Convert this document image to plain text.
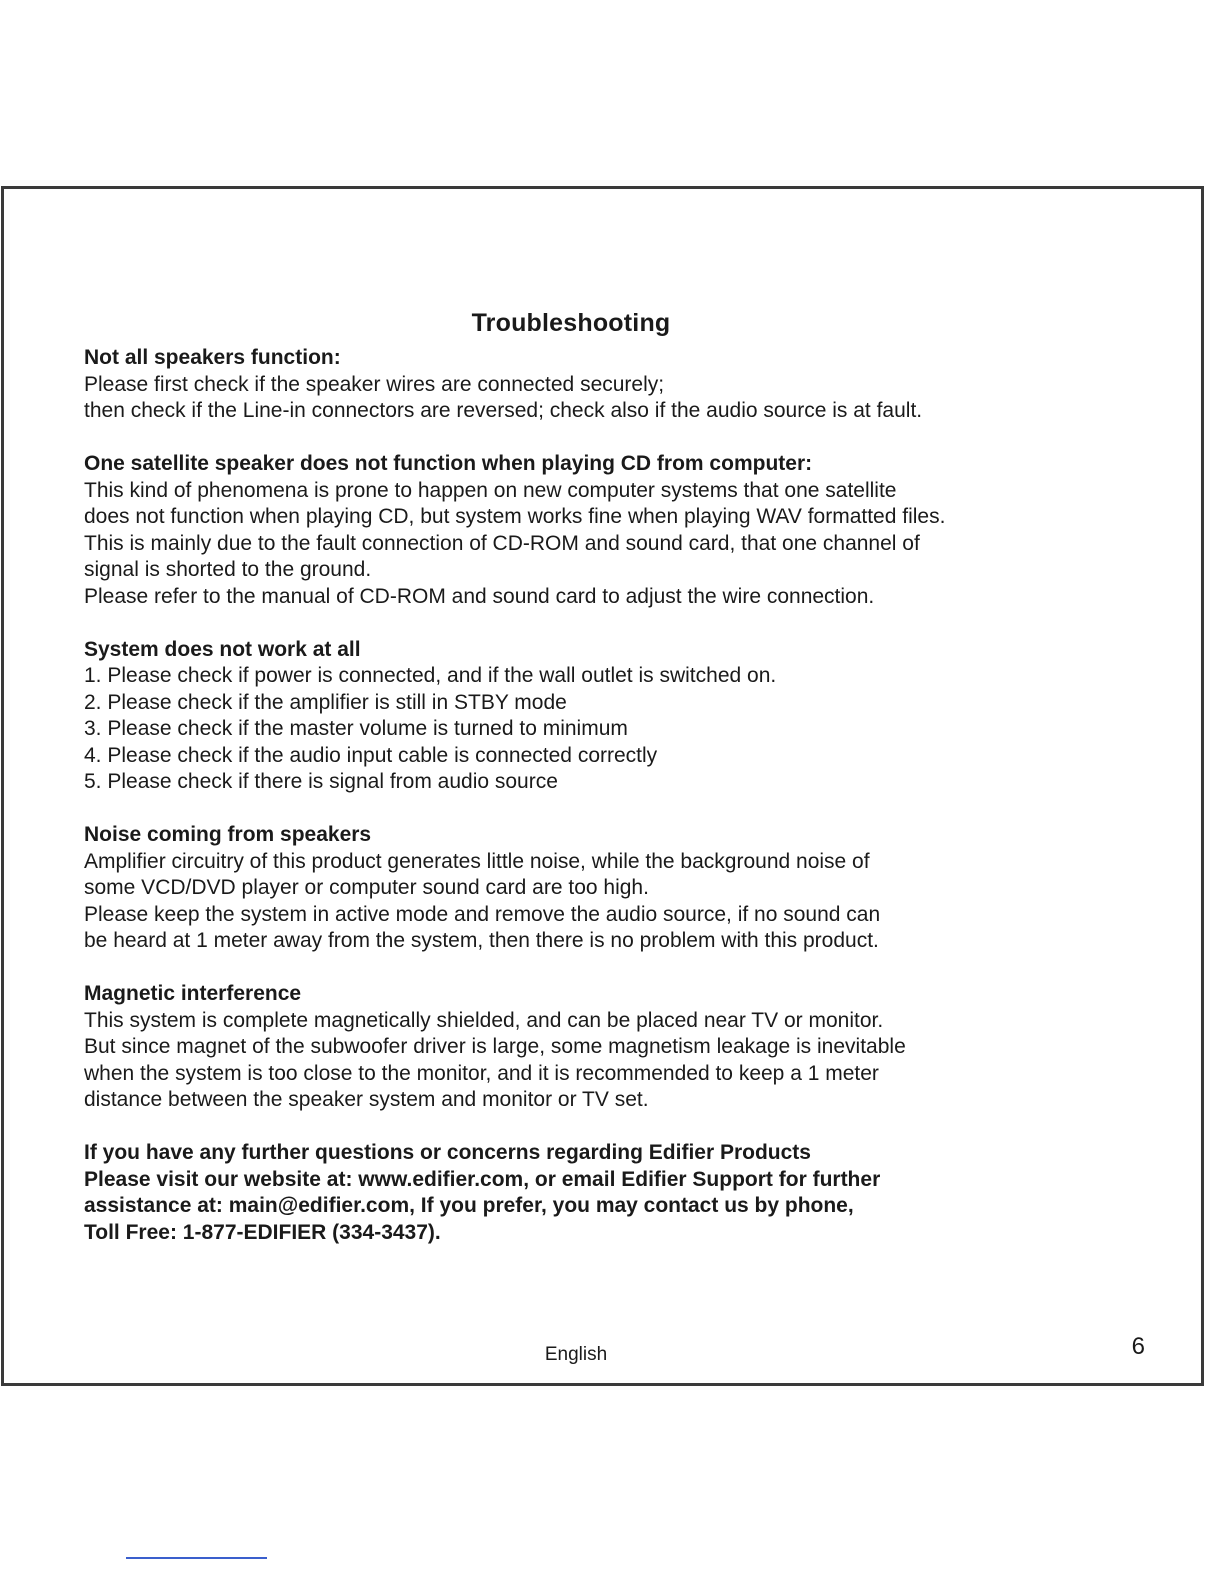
Troubleshooting
Not all speakers function:

Please first check if the speaker wires are connected securely;

then check if the Line-in connectors are reversed; check also if the audio source is at fault.

One satellite speaker does not function when playing CD from computer:

This kind of phenomena is prone to happen on new computer systems that one satellite

does not function when playing CD, but system works fine when playing WAV formatted files.

This is mainly due to the fault connection of CD-ROM and sound card, that one channel of

signal is shorted to the ground.

Please refer to the manual of CD-ROM and sound card to adjust the wire connection.

System does not work at all

1. Please check if power is connected, and if the wall outlet is switched on.

2. Please check if the amplifier is still in STBY mode

3. Please check if the master volume is turned to minimum

4. Please check if the audio input cable is connected correctly

5. Please check if there is signal from audio source

Noise coming from speakers

Amplifier circuitry of this product generates little noise, while the background noise of

some VCD/DVD player or computer sound card are too high.

Please keep the system in active mode and remove the audio source, if no sound can

be heard at 1 meter away from the system, then there is no problem with this product.

Magnetic interference

This system is complete magnetically shielded, and can be placed near TV or monitor.

But since magnet of the subwoofer driver is large, some magnetism leakage is inevitable

when the system is too close to the monitor, and it is recommended to keep a 1 meter

distance between the speaker system and monitor or TV set.

If you have any further questions or concerns regarding Edifier Products

Please visit our website at: www.edifier.com, or email Edifier Support for further

assistance at: main@edifier.com, If you prefer, you may contact us by phone,

Toll Free: 1-877-EDIFIER (334-3437).

English	6
